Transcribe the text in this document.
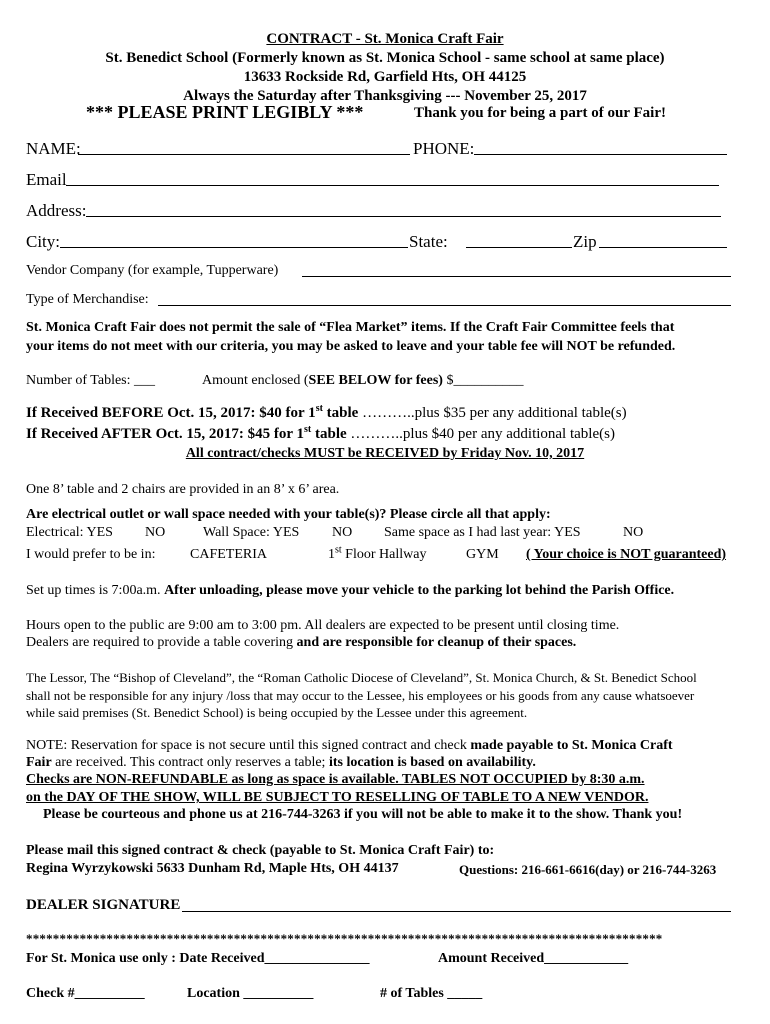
CONTRACT - St. Monica Craft Fair
St. Benedict School (Formerly known as St. Monica School - same school at same place)
13633 Rockside Rd, Garfield Hts, OH 44125
Always the Saturday after Thanksgiving --- November 25, 2017
*** PLEASE PRINT LEGIBLY ***	Thank you for being a part of our Fair!
NAME:	PHONE:
Email
Address:
City:	State:	Zip
Vendor Company (for example, Tupperware)
Type of Merchandise:
St. Monica Craft Fair does not permit the sale of “Flea Market” items. If the Craft Fair Committee feels that
your items do not meet with our criteria, you may be asked to leave and your table fee will NOT be refunded.
Number of Tables: ___	Amount enclosed (SEE BELOW for fees) $__________
If Received BEFORE Oct. 15, 2017: $40 for 1st table ………..plus $35 per any additional table(s)
If Received AFTER Oct. 15, 2017: $45 for 1st table ………..plus $40 per any additional table(s)
All contract/checks MUST be RECEIVED by Friday Nov. 10, 2017
One 8’ table and 2 chairs are provided in an 8’ x 6’ area.
Are electrical outlet or wall space needed with your table(s)? Please circle all that apply:
Electrical: YES NO	Wall Space: YES NO Same space as I had last year: YES	NO
I would prefer to be in: CAFETERIA	1st Floor Hallway	GYM ( Your choice is NOT guaranteed)
Set up times is 7:00a.m. After unloading, please move your vehicle to the parking lot behind the Parish Office.
Hours open to the public are 9:00 am to 3:00 pm. All dealers are expected to be present until closing time.
Dealers are required to provide a table covering and are responsible for cleanup of their spaces.
The Lessor, The “Bishop of Cleveland”, the “Roman Catholic Diocese of Cleveland”, St. Monica Church, & St. Benedict School
shall not be responsible for any injury /loss that may occur to the Lessee, his employees or his goods from any cause whatsoever
while said premises (St. Benedict School) is being occupied by the Lessee under this agreement.
NOTE: Reservation for space is not secure until this signed contract and check made payable to St. Monica Craft
Fair are received. This contract only reserves a table; its location is based on availability.
Checks are NON-REFUNDABLE as long as space is available. TABLES NOT OCCUPIED by 8:30 a.m.
on the DAY OF THE SHOW, WILL BE SUBJECT TO RESELLING OF TABLE TO A NEW VENDOR.
Please be courteous and phone us at 216-744-3263 if you will not be able to make it to the show. Thank you!
Please mail this signed contract & check (payable to St. Monica Craft Fair) to:
Regina Wyrzykowski 5633 Dunham Rd, Maple Hts, OH 44137	Questions: 216-661-6616(day) or 216-744-3263
DEALER SIGNATURE
***********************************************************************************************
For St. Monica use only : Date Received_______________	Amount Received____________
Check #__________	Location __________	# of Tables _____
